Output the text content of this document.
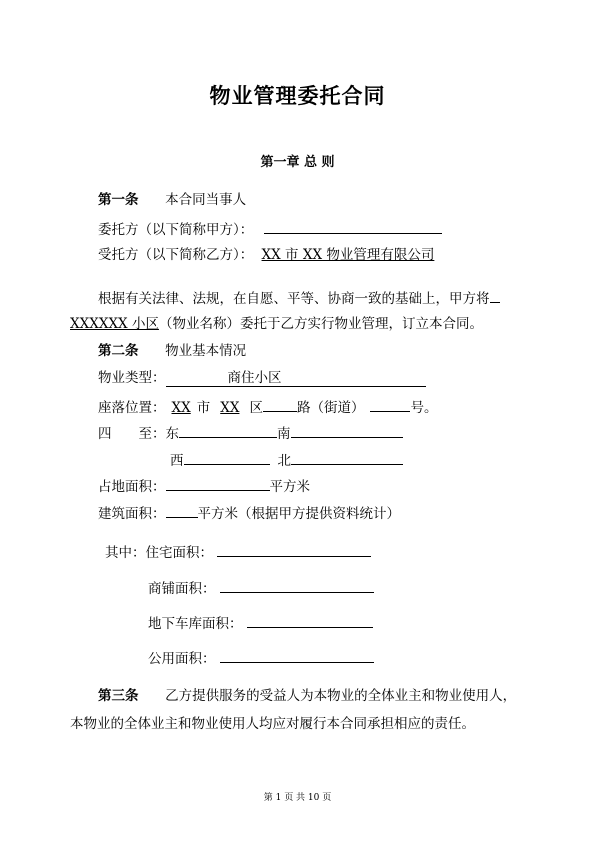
物业管理委托合同
第一章 总 则
第一条 本合同当事人
委托方（以下简称甲方）：
受托方（以下简称乙方）： XX 市 XX 物业管理有限公司
根据有关法律、法规，在自愿、平等、协商一致的基础上，甲方将
XXXXXX 小区（物业名称）委托于乙方实行物业管理，订立本合同。
第二条 物业基本情况
物业类型：	商住小区
座落位置： XX 市 XX 区	路（街道）	号。
四　　至：东	南
西	北
占地面积：	平方米
建筑面积： 平方米（根据甲方提供资料统计）
其中：住宅面积：
商铺面积：
地下车库面积：
公用面积：
第三条 乙方提供服务的受益人为本物业的全体业主和物业使用人，
本物业的全体业主和物业使用人均应对履行本合同承担相应的责任。
第 1 页 共 10 页
